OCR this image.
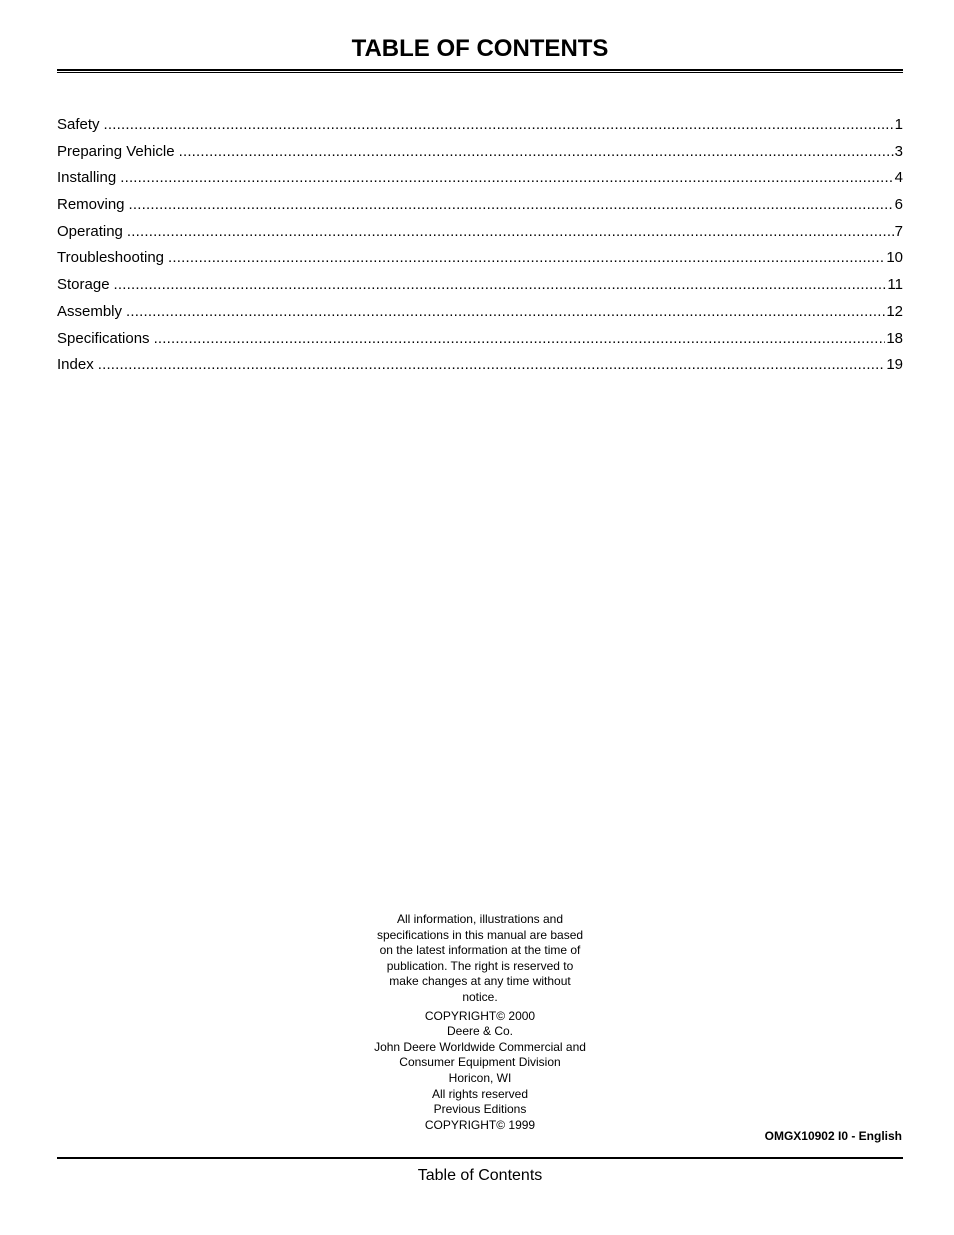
TABLE OF CONTENTS
Safety .....	1
Preparing Vehicle .....	3
Installing .....	4
Removing .....	6
Operating .....	7
Troubleshooting .....	10
Storage .....	11
Assembly .....	12
Specifications .....	18
Index .....	19

All information, illustrations and

specifications in this manual are based

on the latest information at the time of

publication. The right is reserved to

make changes at any time without

notice.

COPYRIGHT© 2000

Deere & Co.

John Deere Worldwide Commercial and

Consumer Equipment Division

Horicon, WI

All rights reserved

Previous Editions

COPYRIGHT© 1999

OMGX10902 I0 - English
Table of Contents
